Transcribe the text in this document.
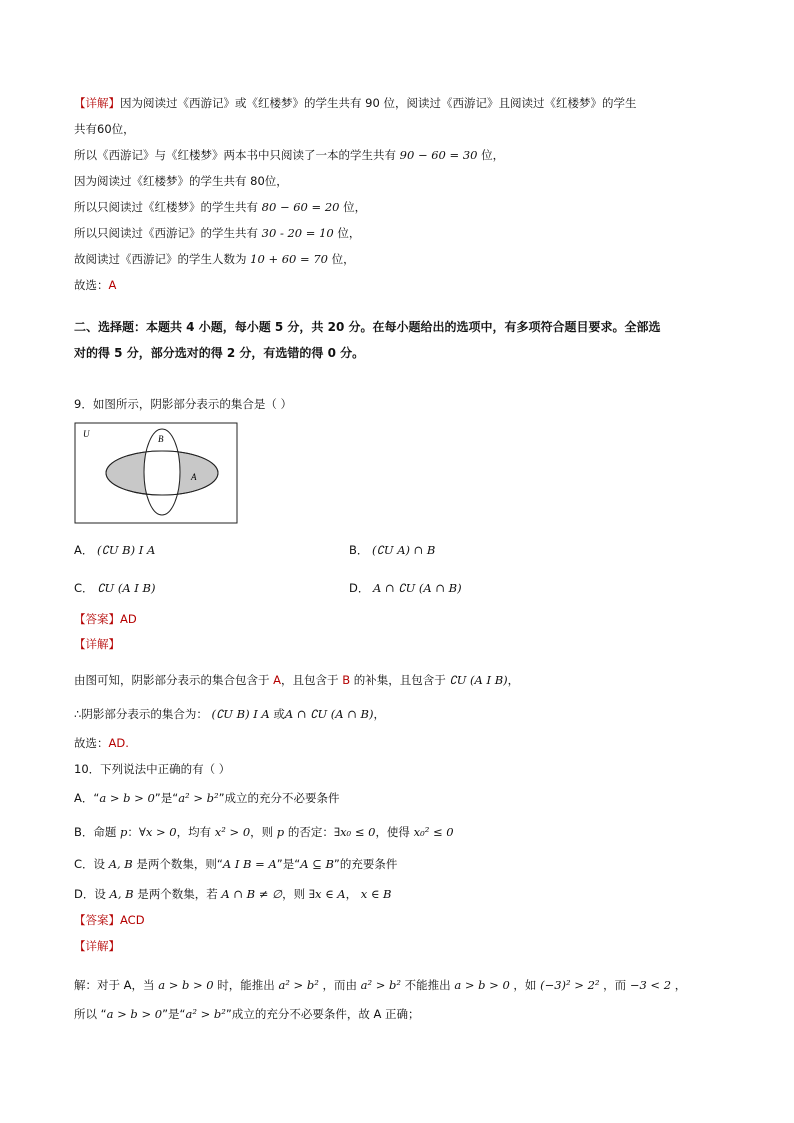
【详解】因为阅读过《西游记》或《红楼梦》的学生共有 90 位，阅读过《西游记》且阅读过《红楼梦》的学生
共有60位，
所以《西游记》与《红楼梦》两本书中只阅读了一本的学生共有 90 − 60 = 30 位，
因为阅读过《红楼梦》的学生共有 80位，
所以只阅读过《红楼梦》的学生共有 80 − 60 = 20 位，
所以只阅读过《西游记》的学生共有 30 - 20 = 10 位，
故阅读过《西游记》的学生人数为 10 + 60 = 70 位，
故选：A
二、选择题：本题共 4 小题，每小题 5 分，共 20 分。在每小题给出的选项中，有多项符合题目要求。全部选
对的得 5 分，部分选对的得 2 分，有选错的得 0 分。
9．如图所示，阴影部分表示的集合是（ ）
U	B
A
A． (∁U B) I A	B． (∁U A) ∩ B
C． ∁U (A I B)	D． A ∩ ∁U (A ∩ B)
【答案】AD
【详解】
由图可知，阴影部分表示的集合包含于 A，且包含于 B 的补集，且包含于 ∁U (A I B)，
∴阴影部分表示的集合为： (∁U B) I A 或A ∩ ∁U (A ∩ B)，
故选：AD.
10．下列说法中正确的有（ ）
A．“a > b > 0”是“a² > b²”成立的充分不必要条件
B．命题 p：∀x > 0，均有 x² > 0，则 p 的否定：∃x₀ ≤ 0，使得 x₀² ≤ 0
C．设 A, B 是两个数集，则“A I B = A”是“A ⊆ B”的充要条件
D．设 A, B 是两个数集，若 A ∩ B ≠ ∅，则 ∃x ∈ A， x ∈ B
【答案】ACD
【详解】
解：对于 A，当 a > b > 0 时，能推出 a² > b² ，而由 a² > b² 不能推出 a > b > 0 ，如 (−3)² > 2² ，而 −3 < 2 ，
所以 “a > b > 0”是“a² > b²”成立的充分不必要条件，故 A 正确；
